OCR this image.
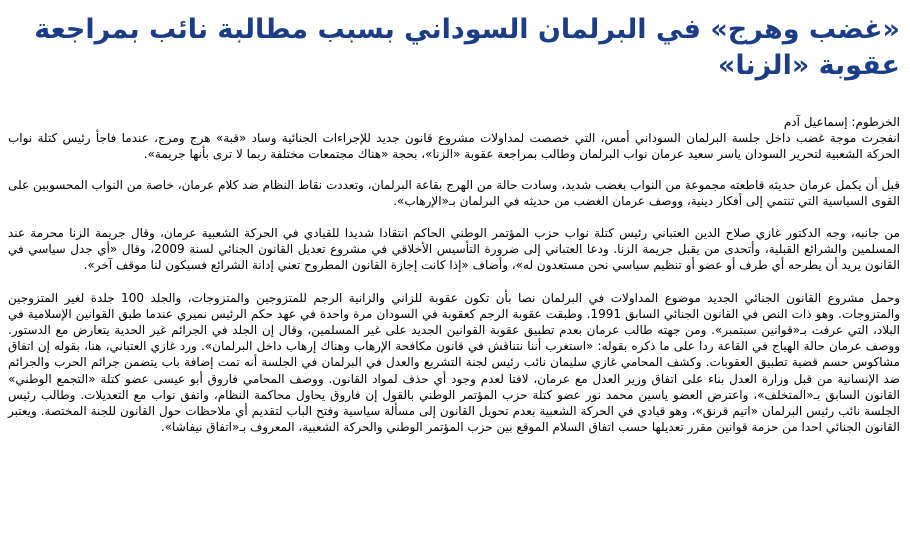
«غضب وهرج» في البرلمان السوداني بسبب مطالبة نائب بمراجعة عقوبة «الزنا»

الخرطوم: إسماعيل آدم

انفجرت موجة غضب داخل جلسة البرلمان السوداني أمس، التي خصصت لمداولات مشروع قانون جديد للإجراءات الجنائية وساد «قبة» هرج ومرج، عندما فاجأ رئيس كتلة نواب الحركة الشعبية لتحرير السودان ياسر سعيد عرمان نواب البرلمان وطالب بمراجعة عقوبة «الزنا»، بحجة «هناك مجتمعات مختلفة ربما لا ترى بأنها جريمة».

قبل أن يكمل عرمان حديثه قاطعته مجموعة من النواب بغضب شديد، وسادت حالة من الهرج بقاعة البرلمان، وتعددت نقاط النظام ضد كلام عرمان، خاصة من النواب المحسوبين على القوى السياسية التي تنتمي إلى أفكار دينية، ووصف عرمان الغضب من حديثه في البرلمان بـ«الإرهاب».

من جانبه، وجه الدكتور غازي صلاح الدين العتباني رئيس كتلة نواب حزب المؤتمر الوطني الحاكم انتقادا شديدا للقيادي في الحركة الشعبية عرمان، وقال جريمة الزنا محرمة عند المسلمين والشرائع القبلية، وأتحدى من يقبل جريمة الزنا. ودعا العتباني إلى ضرورة التأسيس الأخلاقي في مشروع تعديل القانون الجنائي لسنة 2009، وقال «أي جدل سياسي في القانون يريد أن يطرحه أي طرف أو عضو أو تنظيم سياسي نحن مستعدون له»، وأضاف «إذا كانت إجازة القانون المطروح تعني إدانة الشرائع فسيكون لنا موقف آخر».

وحمل مشروع القانون الجنائي الجديد موضوع المداولات في البرلمان نصا بأن تكون عقوبة للزاني والزانية الرجم للمتزوجين والمتزوجات، والجلد 100 جلدة لغير المتزوجين والمتزوجات. وهو ذات النص في القانون الجنائي السابق 1991. وطبقت عقوبة الرجم كعقوبة في السودان مرة واحدة في عهد حكم الرئيس نميري عندما طبق القوانين الإسلامية في البلاد، التي عرفت بـ«قوانين سبتمبر». ومن جهته طالب عرمان بعدم تطبيق عقوبة القوانين الجديد على غير المسلمين، وقال إن الجلد في الجرائم غير الحدية يتعارض مع الدستور. ووصف عرمان حالة الهياج في القاعة ردا على ما ذكره بقوله: «استغرب أننا نتناقش في قانون مكافحة الإرهاب وهناك إرهاب داخل البرلمان». ورد غازي العتباني، هنا، بقوله إن اتفاق مشاكوس حسم قضية تطبيق العقوبات. وكشف المحامي غازي سليمان نائب رئيس لجنة التشريع والعدل في البرلمان في الجلسة أنه تمت إضافة باب يتضمن جرائم الحرب والجرائم ضد الإنسانية من قبل وزارة العدل بناء على اتفاق وزير العدل مع عرمان، لافتا لعدم وجود أي حذف لمواد القانون. ووصف المحامي فاروق أبو عيسى عضو كتلة «التجمع الوطني» القانون السابق بـ«المتخلف»، واعترض العضو ياسين محمد نور عضو كتلة حزب المؤتمر الوطني بالقول إن فاروق يحاول محاكمة النظام، واتفق نواب مع التعديلات. وطالب رئيس الجلسة نائب رئيس البرلمان «اتيم قرنق»، وهو قيادي في الحركة الشعبية بعدم تحويل القانون إلى مسألة سياسية وفتح الباب لتقديم أي ملاحظات حول القانون للجنة المختصة. ويعتبر القانون الجنائي احدا من حزمة قوانين مقرر تعديلها حسب اتفاق السلام الموقع بين حزب المؤتمر الوطني والحركة الشعبية، المعروف بـ«اتفاق نيفاشا».
